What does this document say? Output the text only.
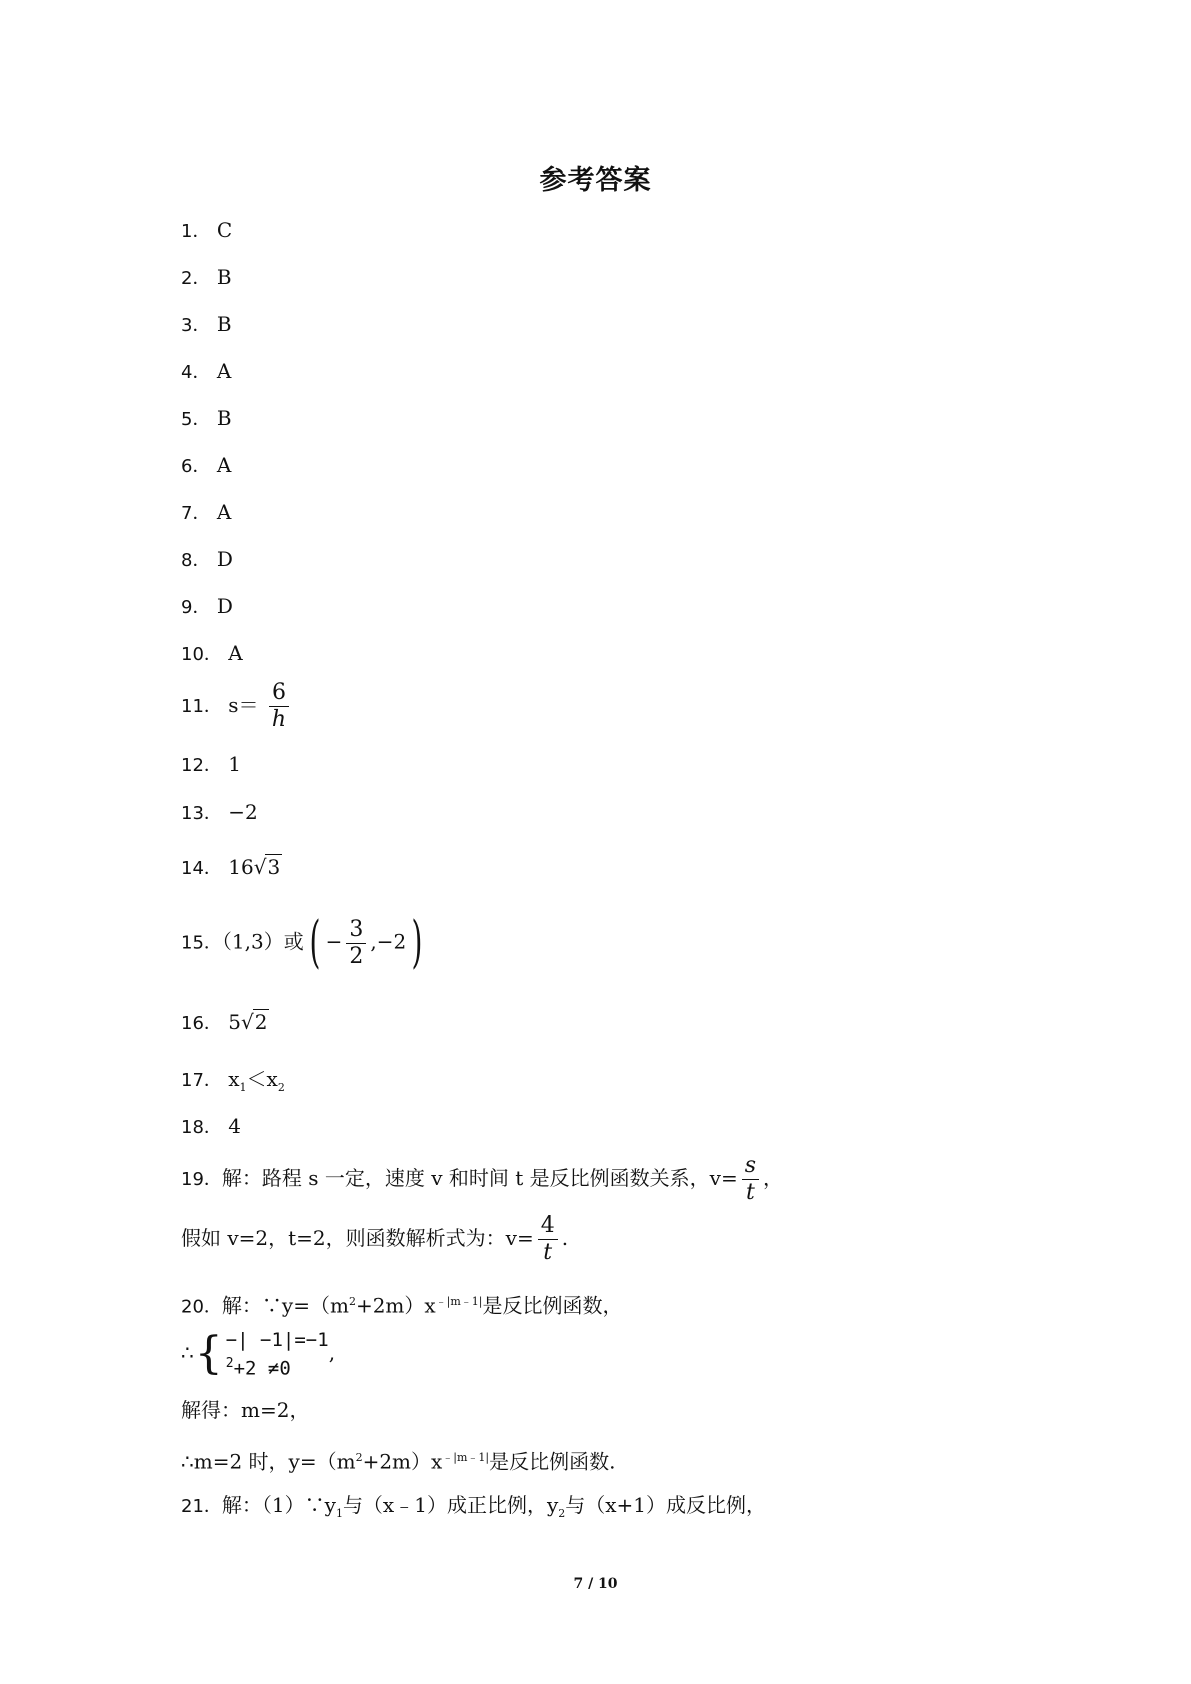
参考答案
1． C
2． B
3． B
4． A
5． B
6． A
7． A
8． D
9． D
10． A
11． $s= \frac{6}{h}$
12． 1
13． −2
14． 16√3
15．（1,3）或( − $\frac{3}{2} ,-2$)
16． 5√2
17． $x_1<x_2$
18． 4
19．解：路程 s 一定，速度 v 和时间 t 是反比例函数关系，$v= \frac{s}{t}$ ，
假如 v=2，t=2，则函数解析式为：$v= \frac{4}{t}$ .
20．解：$\because y=(m^2+2m)x^{﹣|m﹣1|}$是反比例函数，
∴ { −| −1|=−1
$^2$+2 ≠0
,
解得：m=2，
∴m=2 时，$y=(m^2+2m)x^{﹣|m﹣1|}$是反比例函数.
21．解：$(1)\because y_1$与（x﹣1）成正比例，$y_2$与（x+1）成反比例，
7 / 10
